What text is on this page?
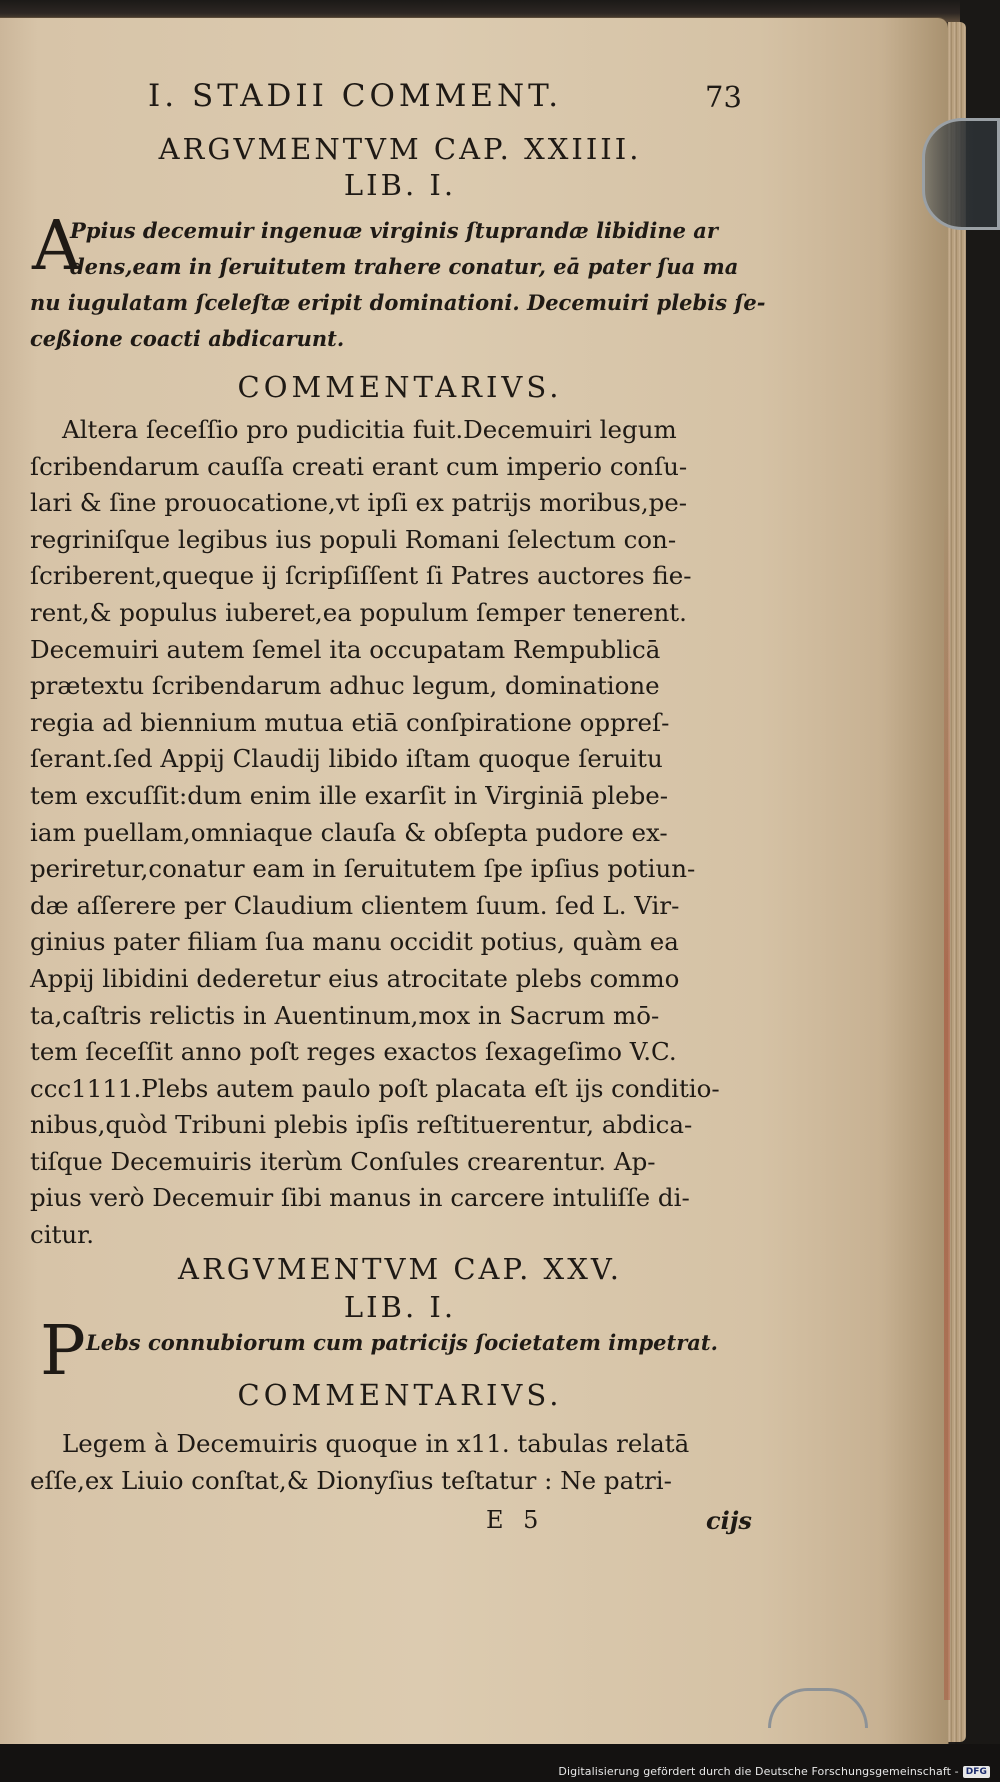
I. STADII COMMENT.	73
ARGVMENTVM CAP. XXIIII.
LIB. I.
A
Ppius decemuir ingenuæ virginis ſtuprandæ libidine ar
dens,eam in ſeruitutem trahere conatur, eā pater ſua ma
nu iugulatam ſceleſtæ eripit dominationi. Decemuiri plebis ſe-
ceßione coacti abdicarunt.
COMMENTARIVS.
Altera ſeceſſio pro pudicitia fuit.Decemuiri legum
ſcribendarum cauſſa creati erant cum imperio conſu-
lari & ſine prouocatione,vt ipſi ex patrijs moribus,pe-
regriniſque legibus ius populi Romani ſelectum con-
ſcriberent,queque ij ſcripſiſſent ſi Patres auctores fie-
rent,& populus iuberet,ea populum ſemper tenerent.
Decemuiri autem ſemel ita occupatam Rempublicā
prætextu ſcribendarum adhuc legum, dominatione
regia ad biennium mutua etiā conſpiratione oppreſ-
ſerant.ſed Appij Claudij libido iſtam quoque ſeruitu
tem excuſſit:dum enim ille exarſit in Virginiā plebe-
iam puellam,omniaque clauſa & obſepta pudore ex-
periretur,conatur eam in ſeruitutem ſpe ipſius potiun-
dæ aſſerere per Claudium clientem ſuum. ſed L. Vir-
ginius pater filiam ſua manu occidit potius, quàm ea
Appij libidini dederetur eius atrocitate plebs commo
ta,caſtris relictis in Auentinum,mox in Sacrum mō-
tem ſeceſſit anno poſt reges exactos ſexageſimo V.C.
ccc1111.Plebs autem paulo poſt placata eſt ijs conditio-
nibus,quòd Tribuni plebis ipſis reſtituerentur, abdica-
tiſque Decemuiris iterùm Conſules crearentur. Ap-
pius verò Decemuir ſibi manus in carcere intuliſſe di-
citur.
ARGVMENTVM CAP. XXV.
LIB. I.
P Lebs connubiorum cum patricijs ſocietatem impetrat.
COMMENTARIVS.
Legem à Decemuiris quoque in x11. tabulas relatā
eſſe,ex Liuio conſtat,& Dionyſius teſtatur : Ne patri-
E 5	cijs
Digitalisierung gefördert durch die Deutsche Forschungsgemeinschaft - DFG
